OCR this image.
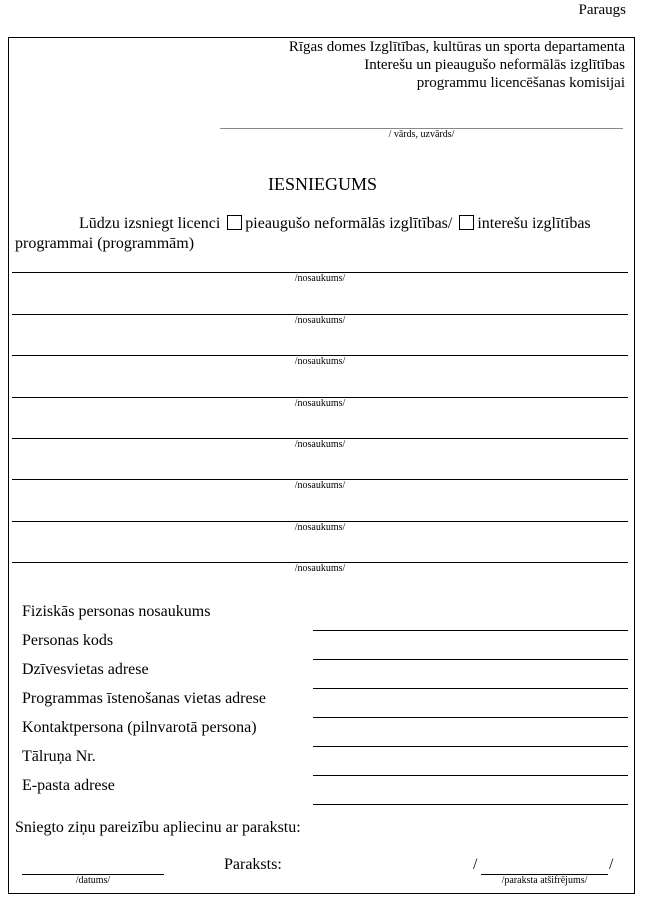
Paraugs
Rīgas domes Izglītības, kultūras un sporta departamenta
Interešu un pieaugušo neformālās izglītības
programmu licencēšanas komisijai
/ vārds, uzvārds/
IESNIEGUMS
Lūdzu izsniegt licenci pieaugušo neformālās izglītības/ interešu izglītības
programmai (programmām)
/nosaukums/
/nosaukums/
/nosaukums/
/nosaukums/
/nosaukums/
/nosaukums/
/nosaukums/
/nosaukums/
Fiziskās personas nosaukums
Personas kods
Dzīvesvietas adrese
Programmas īstenošanas vietas adrese
Kontaktpersona (pilnvarotā persona)
Tālruņa Nr.
E-pasta adrese
Sniegto ziņu pareizību apliecinu ar parakstu:
/datums/
Paraksts:	/	/
/paraksta atšifrējums/
